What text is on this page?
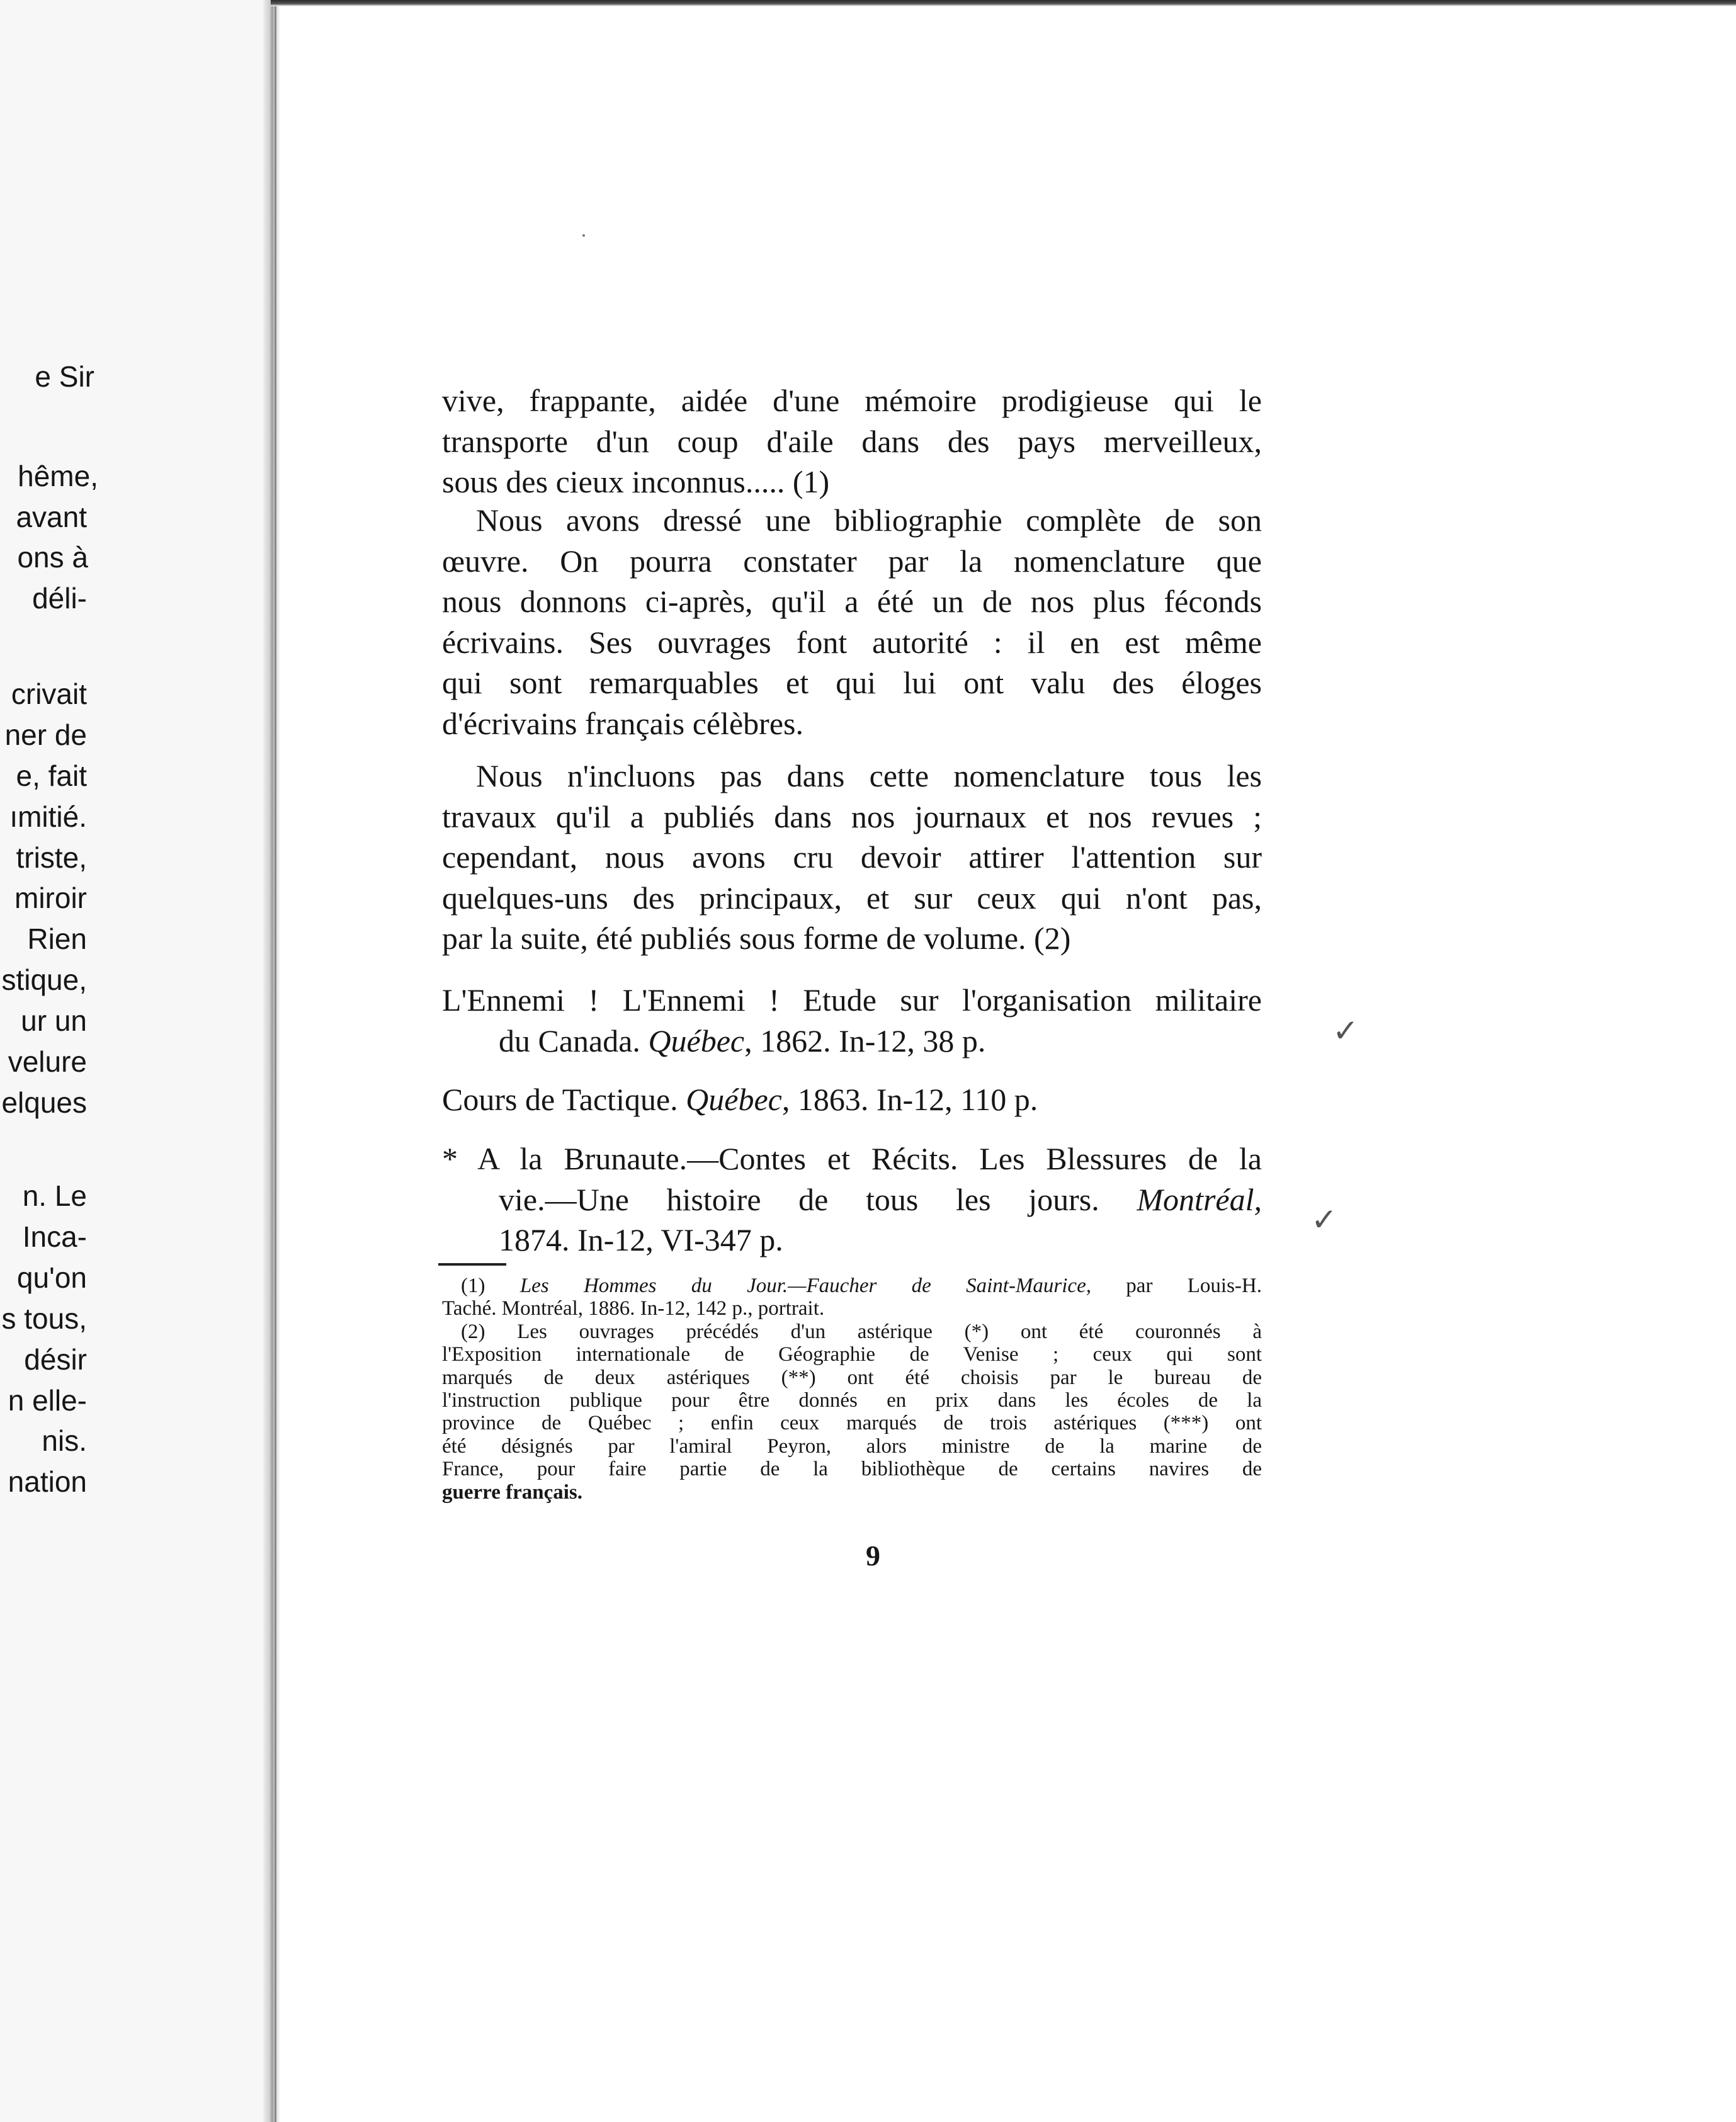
e Sir
hême,
avant
ons à
déli-
crivait
ner de
e, fait
ımitié.
triste,
miroir
Rien
stique,
ur un
velure
elques
n. Le
Inca-
qu'on
s tous,
désir
n elle-
nis.
nation
vive, frappante, aidée d'une mémoire prodigieuse qui le
transporte d'un coup d'aile dans des pays merveilleux,
sous des cieux inconnus..... (1)
Nous avons dressé une bibliographie complète de son
œuvre. On pourra constater par la nomenclature que
nous donnons ci-après, qu'il a été un de nos plus féconds
écrivains. Ses ouvrages font autorité : il en est même
qui sont remarquables et qui lui ont valu des éloges
d'écrivains français célèbres.
Nous n'incluons pas dans cette nomenclature tous les
travaux qu'il a publiés dans nos journaux et nos revues ;
cependant, nous avons cru devoir attirer l'attention sur
quelques-uns des principaux, et sur ceux qui n'ont pas,
par la suite, été publiés sous forme de volume. (2)
L'Ennemi ! L'Ennemi ! Etude sur l'organisation militaire
du Canada. Québec, 1862. In-12, 38 p.
Cours de Tactique. Québec, 1863. In-12, 110 p.
* A la Brunaute.—Contes et Récits. Les Blessures de la
vie.—Une histoire de tous les jours. Montréal,
1874. In-12, VI-347 p.
✓
✓
(1) Les Hommes du Jour.—Faucher de Saint-Maurice, par Louis-H.
Taché. Montréal, 1886. In-12, 142 p., portrait.
(2) Les ouvrages précédés d'un astérique (*) ont été couronnés à
l'Exposition internationale de Géographie de Venise ; ceux qui sont
marqués de deux astériques (**) ont été choisis par le bureau de
l'instruction publique pour être donnés en prix dans les écoles de la
province de Québec ; enfin ceux marqués de trois astériques (***) ont
été désignés par l'amiral Peyron, alors ministre de la marine de
France, pour faire partie de la bibliothèque de certains navires de
guerre français.
9
